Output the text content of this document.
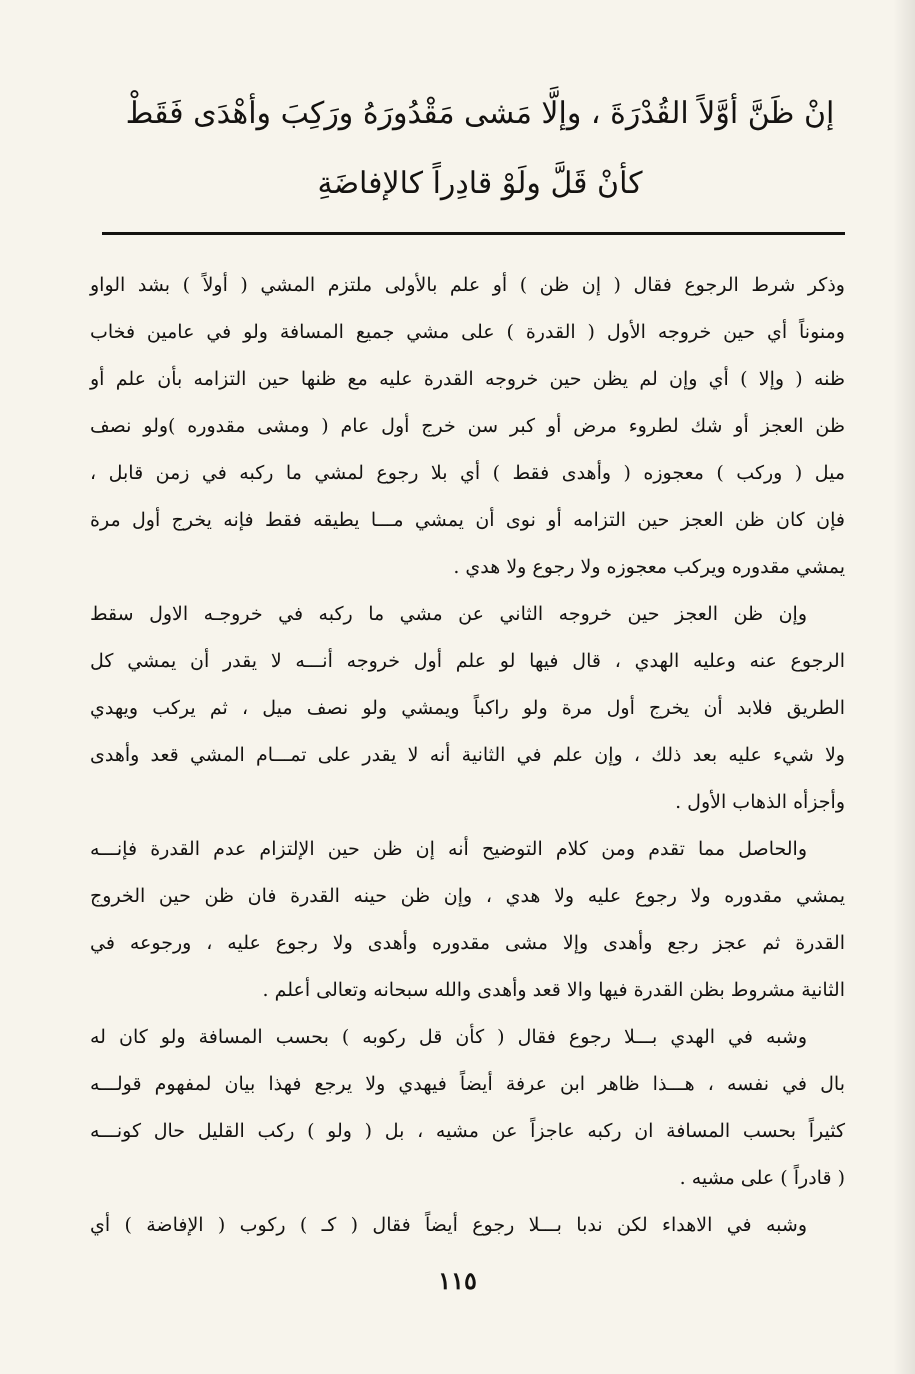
إنْ ظَنَّ أوَّلاً القُدْرَةَ ، وإلَّا مَشى مَقْدُورَهُ ورَكِبَ وأهْدَى فَقَطْ
كأنْ قَلَّ ولَوْ قادِراً كالإفاضَةِ
وذكر شرط الرجوع فقال ( إن ظن ) أو علم بالأولى ملتزم المشي ( أولاً ) بشد الواو
ومنوناً أي حين خروجه الأول ( القدرة ) على مشي جميع المسافة ولو في عامين فخاب
ظنه ( وإلا ) أي وإن لم يظن حين خروجه القدرة عليه مع ظنها حين التزامه بأن علم أو
ظن العجز أو شك لطروء مرض أو كبر سن خرج أول عام ( ومشى مقدوره )ولو نصف
ميل ( وركب ) معجوزه ( وأهدى فقط ) أي بلا رجوع لمشي ما ركبه في زمن قابل ،
فإن كان ظن العجز حين التزامه أو نوى أن يمشي مـــا يطيقه فقط فإنه يخرج أول مرة
يمشي مقدوره ويركب معجوزه ولا رجوع ولا هدي .
وإن ظن العجز حين خروجه الثاني عن مشي ما ركبه في خروجـه الاول سقط
الرجوع عنه وعليه الهدي ، قال فيها لو علم أول خروجه أنـــه لا يقدر أن يمشي كل
الطريق فلابد أن يخرج أول مرة ولو راكباً ويمشي ولو نصف ميل ، ثم يركب ويهدي
ولا شيء عليه بعد ذلك ، وإن علم في الثانية أنه لا يقدر على تمـــام المشي قعد وأهدى
وأجزأه الذهاب الأول .
والحاصل مما تقدم ومن كلام التوضيح أنه إن ظن حين الإلتزام عدم القدرة فإنـــه
يمشي مقدوره ولا رجوع عليه ولا هدي ، وإن ظن حينه القدرة فان ظن حين الخروج
القدرة ثم عجز رجع وأهدى وإلا مشى مقدوره وأهدى ولا رجوع عليه ، ورجوعه في
الثانية مشروط بظن القدرة فيها والا قعد وأهدى والله سبحانه وتعالى أعلم .
وشبه في الهدي بـــلا رجوع فقال ( كأن قل ركوبه ) بحسب المسافة ولو كان له
بال في نفسه ، هـــذا ظاهر ابن عرفة أيضاً فيهدي ولا يرجع فهذا بيان لمفهوم قولـــه
كثيراً بحسب المسافة ان ركبه عاجزاً عن مشيه ، بل ( ولو ) ركب القليل حال كونـــه
( قادراً ) على مشيه .
وشبه في الاهداء لكن ندبا بـــلا رجوع أيضاً فقال ( كـ ) ركوب ( الإفاضة ) أي
١١٥
